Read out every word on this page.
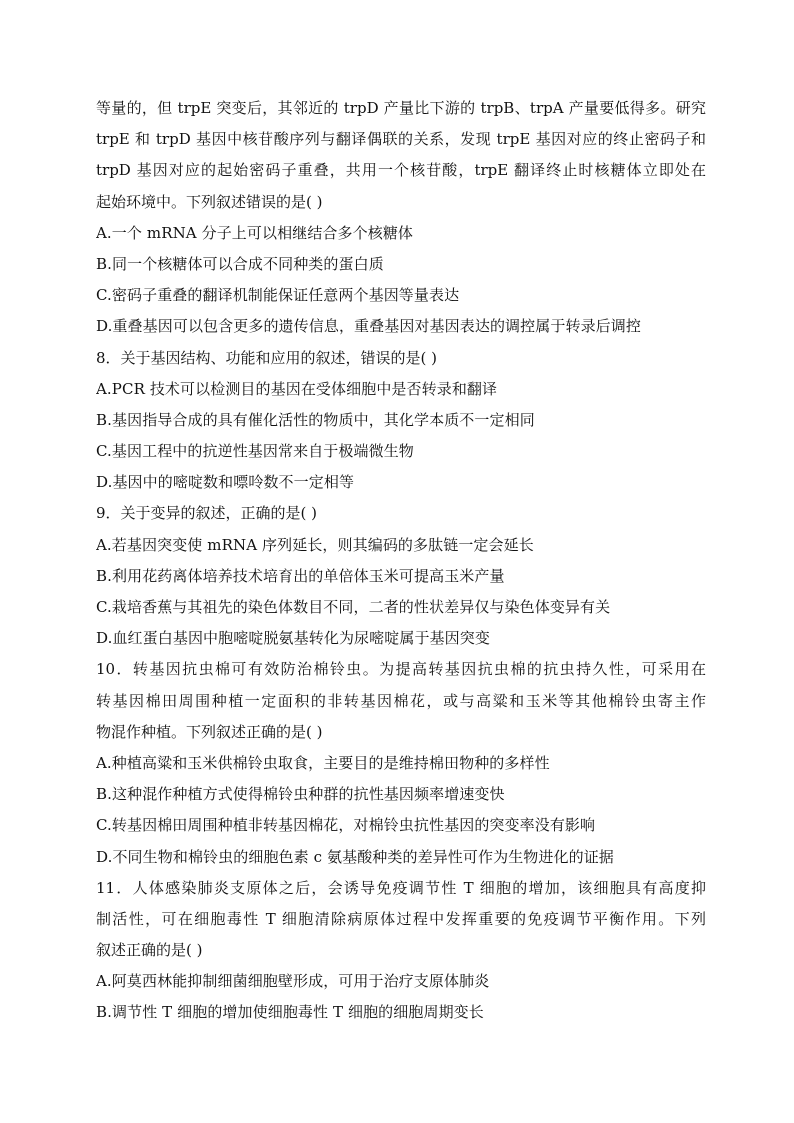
等量的，但 trpE 突变后，其邻近的 trpD 产量比下游的 trpB、trpA 产量要低得多。研究
trpE 和 trpD 基因中核苷酸序列与翻译偶联的关系，发现 trpE 基因对应的终止密码子和
trpD 基因对应的起始密码子重叠，共用一个核苷酸，trpE 翻译终止时核糖体立即处在
起始环境中。下列叙述错误的是( )
A.一个 mRNA 分子上可以相继结合多个核糖体
B.同一个核糖体可以合成不同种类的蛋白质
C.密码子重叠的翻译机制能保证任意两个基因等量表达
D.重叠基因可以包含更多的遗传信息，重叠基因对基因表达的调控属于转录后调控
8．关于基因结构、功能和应用的叙述，错误的是( )
A.PCR 技术可以检测目的基因在受体细胞中是否转录和翻译
B.基因指导合成的具有催化活性的物质中，其化学本质不一定相同
C.基因工程中的抗逆性基因常来自于极端微生物
D.基因中的嘧啶数和嘌呤数不一定相等
9．关于变异的叙述，正确的是( )
A.若基因突变使 mRNA 序列延长，则其编码的多肽链一定会延长
B.利用花药离体培养技术培育出的单倍体玉米可提高玉米产量
C.栽培香蕉与其祖先的染色体数目不同，二者的性状差异仅与染色体变异有关
D.血红蛋白基因中胞嘧啶脱氨基转化为尿嘧啶属于基因突变
10．转基因抗虫棉可有效防治棉铃虫。为提高转基因抗虫棉的抗虫持久性，可采用在
转基因棉田周围种植一定面积的非转基因棉花，或与高粱和玉米等其他棉铃虫寄主作
物混作种植。下列叙述正确的是( )
A.种植高粱和玉米供棉铃虫取食，主要目的是维持棉田物种的多样性
B.这种混作种植方式使得棉铃虫种群的抗性基因频率增速变快
C.转基因棉田周围种植非转基因棉花，对棉铃虫抗性基因的突变率没有影响
D.不同生物和棉铃虫的细胞色素 c 氨基酸种类的差异性可作为生物进化的证据
11．人体感染肺炎支原体之后，会诱导免疫调节性 T 细胞的增加，该细胞具有高度抑
制活性，可在细胞毒性 T 细胞清除病原体过程中发挥重要的免疫调节平衡作用。下列
叙述正确的是( )
A.阿莫西林能抑制细菌细胞壁形成，可用于治疗支原体肺炎
B.调节性 T 细胞的增加使细胞毒性 T 细胞的细胞周期变长
